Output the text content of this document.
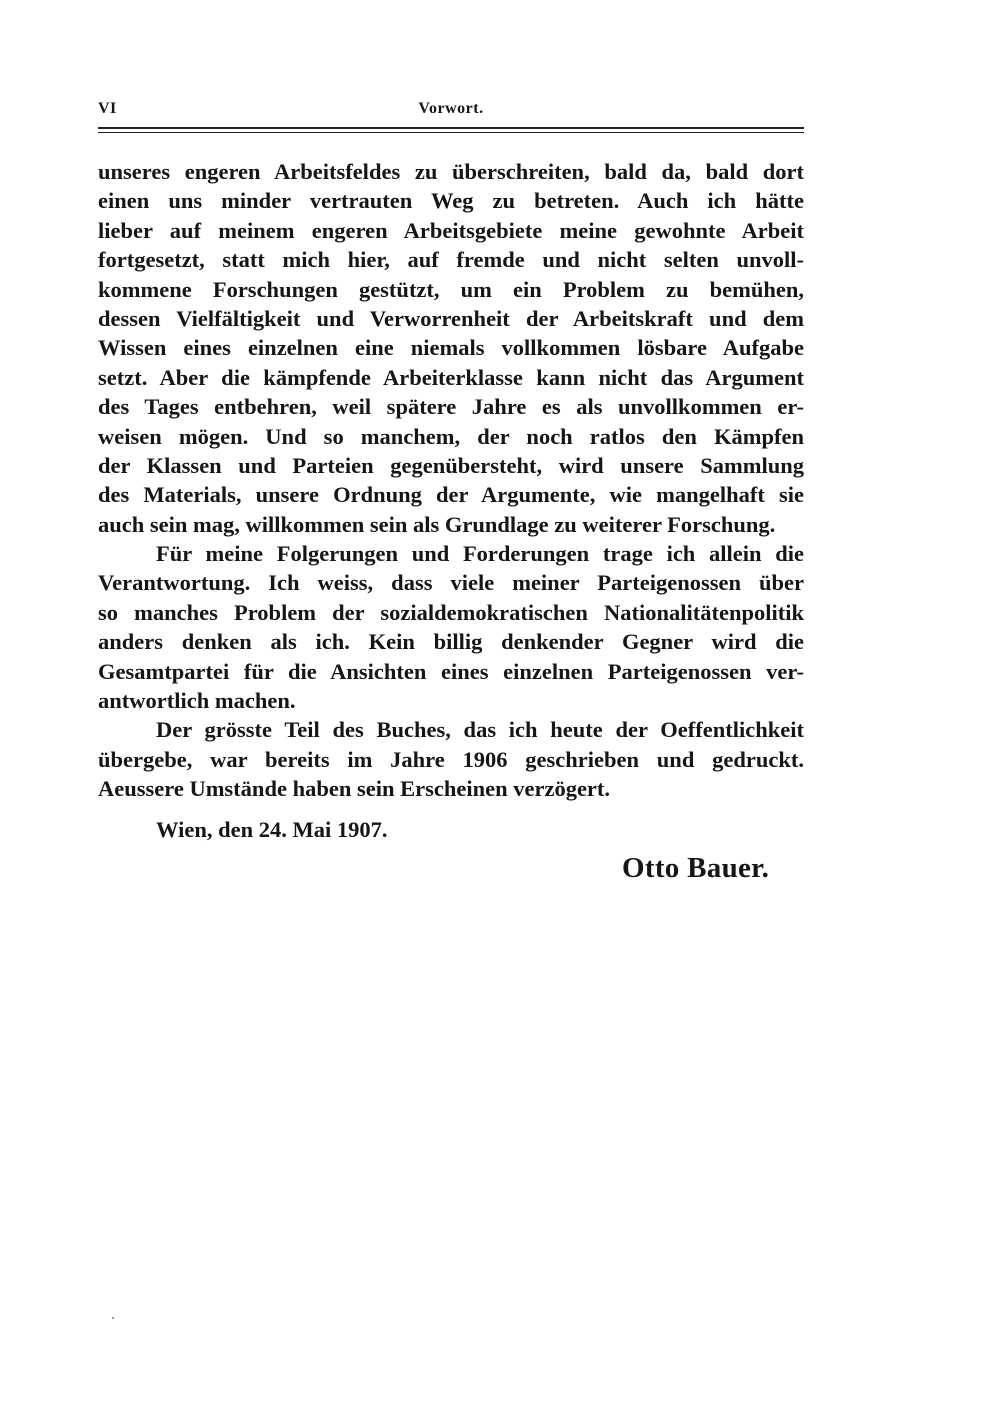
VI	Vorwort.
unseres engeren Arbeitsfeldes zu überschreiten, bald da, bald dort
einen uns minder vertrauten Weg zu betreten. Auch ich hätte
lieber auf meinem engeren Arbeitsgebiete meine gewohnte Arbeit
fortgesetzt, statt mich hier, auf fremde und nicht selten unvoll-
kommene Forschungen gestützt, um ein Problem zu bemühen,
dessen Vielfältigkeit und Verworrenheit der Arbeitskraft und dem
Wissen eines einzelnen eine niemals vollkommen lösbare Aufgabe
setzt. Aber die kämpfende Arbeiterklasse kann nicht das Argument
des Tages entbehren, weil spätere Jahre es als unvollkommen er-
weisen mögen. Und so manchem, der noch ratlos den Kämpfen
der Klassen und Parteien gegenübersteht, wird unsere Sammlung
des Materials, unsere Ordnung der Argumente, wie mangelhaft sie
auch sein mag, willkommen sein als Grundlage zu weiterer Forschung.
Für meine Folgerungen und Forderungen trage ich allein die
Verantwortung. Ich weiss, dass viele meiner Parteigenossen über
so manches Problem der sozialdemokratischen Nationalitätenpolitik
anders denken als ich. Kein billig denkender Gegner wird die
Gesamtpartei für die Ansichten eines einzelnen Parteigenossen ver-
antwortlich machen.
Der grösste Teil des Buches, das ich heute der Oeffentlichkeit
übergebe, war bereits im Jahre 1906 geschrieben und gedruckt.
Aeussere Umstände haben sein Erscheinen verzögert.
Wien, den 24. Mai 1907.
Otto Bauer.
